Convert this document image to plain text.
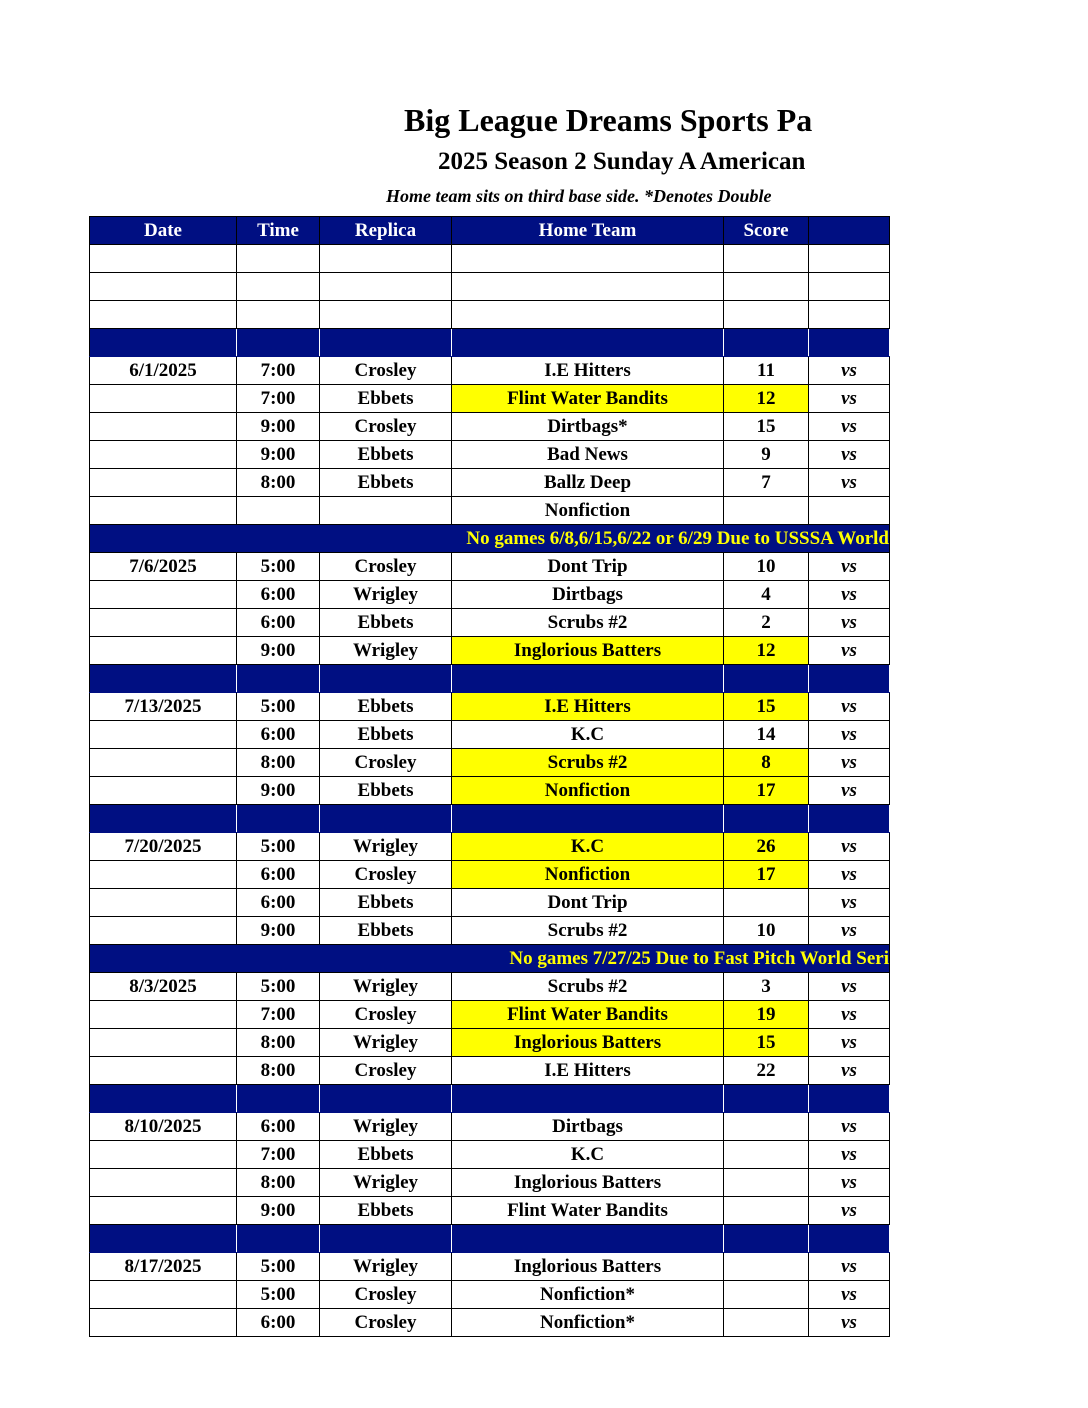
Big League Dreams Sports Pa
2025 Season 2 Sunday A American
Home team sits on third base side. *Denotes Double
Date	Time	Replica	Home Team	Score	

6/1/2025	7:00	Crosley	I.E Hitters	11	vs
	7:00	Ebbets	Flint Water Bandits	12	vs
	9:00	Crosley	Dirtbags*	15	vs
	9:00	Ebbets	Bad News	9	vs
	8:00	Ebbets	Ballz Deep	7	vs
			Nonfiction		
No games 6/8,6/15,6/22 or 6/29 Due to USSSA World					
7/6/2025	5:00	Crosley	Dont Trip	10	vs
	6:00	Wrigley	Dirtbags	4	vs
	6:00	Ebbets	Scrubs #2	2	vs
	9:00	Wrigley	Inglorious Batters	12	vs

7/13/2025	5:00	Ebbets	I.E Hitters	15	vs
	6:00	Ebbets	K.C	14	vs
	8:00	Crosley	Scrubs #2	8	vs
	9:00	Ebbets	Nonfiction	17	vs

7/20/2025	5:00	Wrigley	K.C	26	vs
	6:00	Crosley	Nonfiction	17	vs
	6:00	Ebbets	Dont Trip		vs
	9:00	Ebbets	Scrubs #2	10	vs
No games 7/27/25 Due to Fast Pitch World Seri					
8/3/2025	5:00	Wrigley	Scrubs #2	3	vs
	7:00	Crosley	Flint Water Bandits	19	vs
	8:00	Wrigley	Inglorious Batters	15	vs
	8:00	Crosley	I.E Hitters	22	vs

8/10/2025	6:00	Wrigley	Dirtbags		vs
	7:00	Ebbets	K.C		vs
	8:00	Wrigley	Inglorious Batters		vs
	9:00	Ebbets	Flint Water Bandits		vs

8/17/2025	5:00	Wrigley	Inglorious Batters		vs
	5:00	Crosley	Nonfiction*		vs
	6:00	Crosley	Nonfiction*		vs
